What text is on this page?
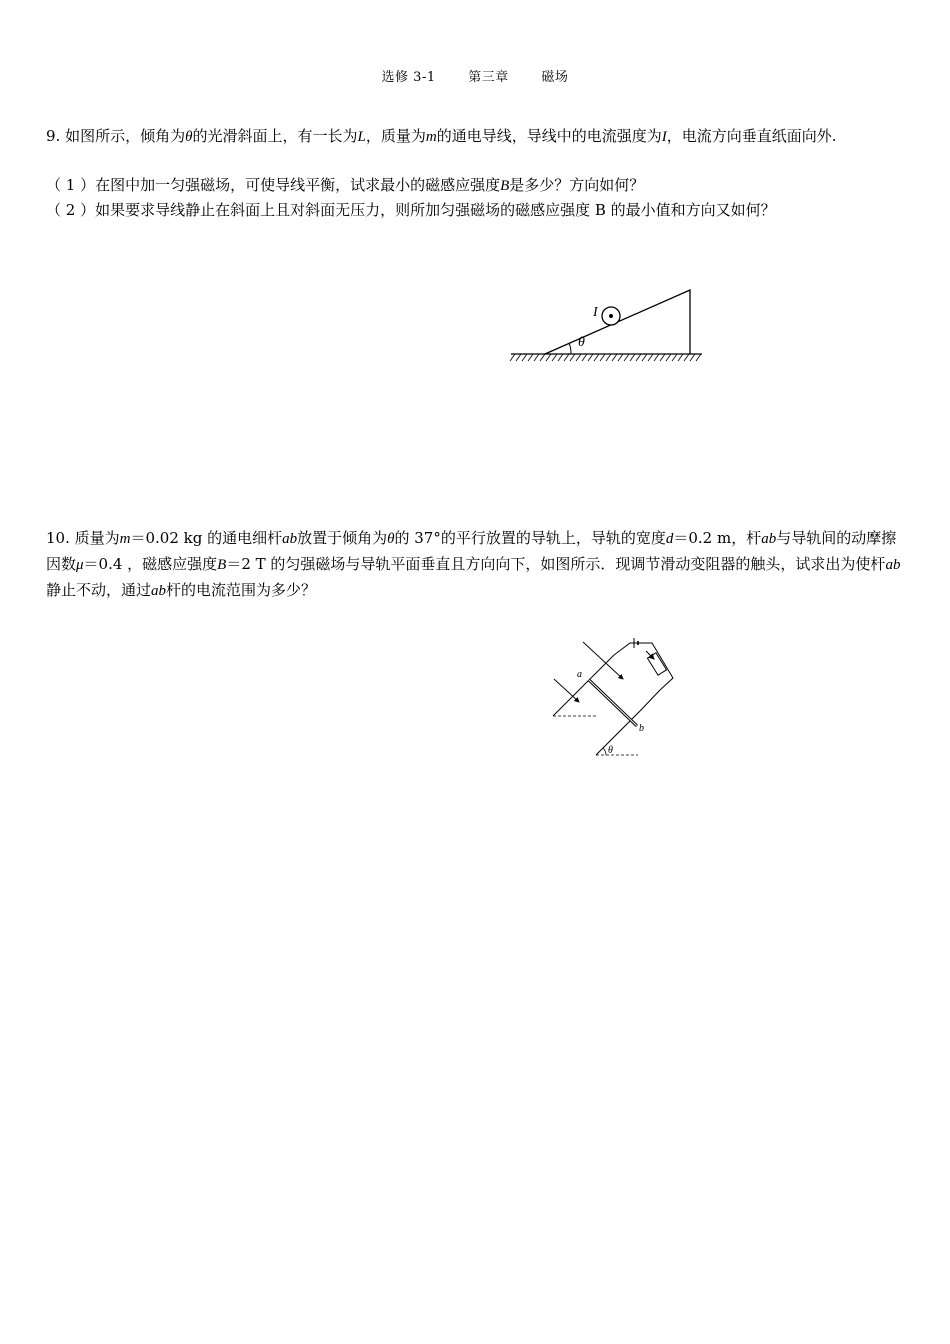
选修 3-1	第三章	磁场
9. 如图所示，倾角为θ的光滑斜面上，有一长为L，质量为m的通电导线，导线中的电流强度为I，电流方向垂直纸面向外.
（ 1 ）在图中加一匀强磁场，可使导线平衡，试求最小的磁感应强度B是多少？方向如何？
（ 2 ）如果要求导线静止在斜面上且对斜面无压力，则所加匀强磁场的磁感应强度 B 的最小值和方向又如何？
I
θ
10. 质量为m＝0.02 kg 的通电细杆ab放置于倾角为θ的 37°的平行放置的导轨上，导轨的宽度d＝0.2 m，杆ab与导轨间的动摩擦因数μ＝0.4 ，磁感应强度B＝2 T 的匀强磁场与导轨平面垂直且方向向下，如图所示．现调节滑动变阻器的触头，试求出为使杆ab静止不动，通过ab杆的电流范围为多少？
a
b
θ
